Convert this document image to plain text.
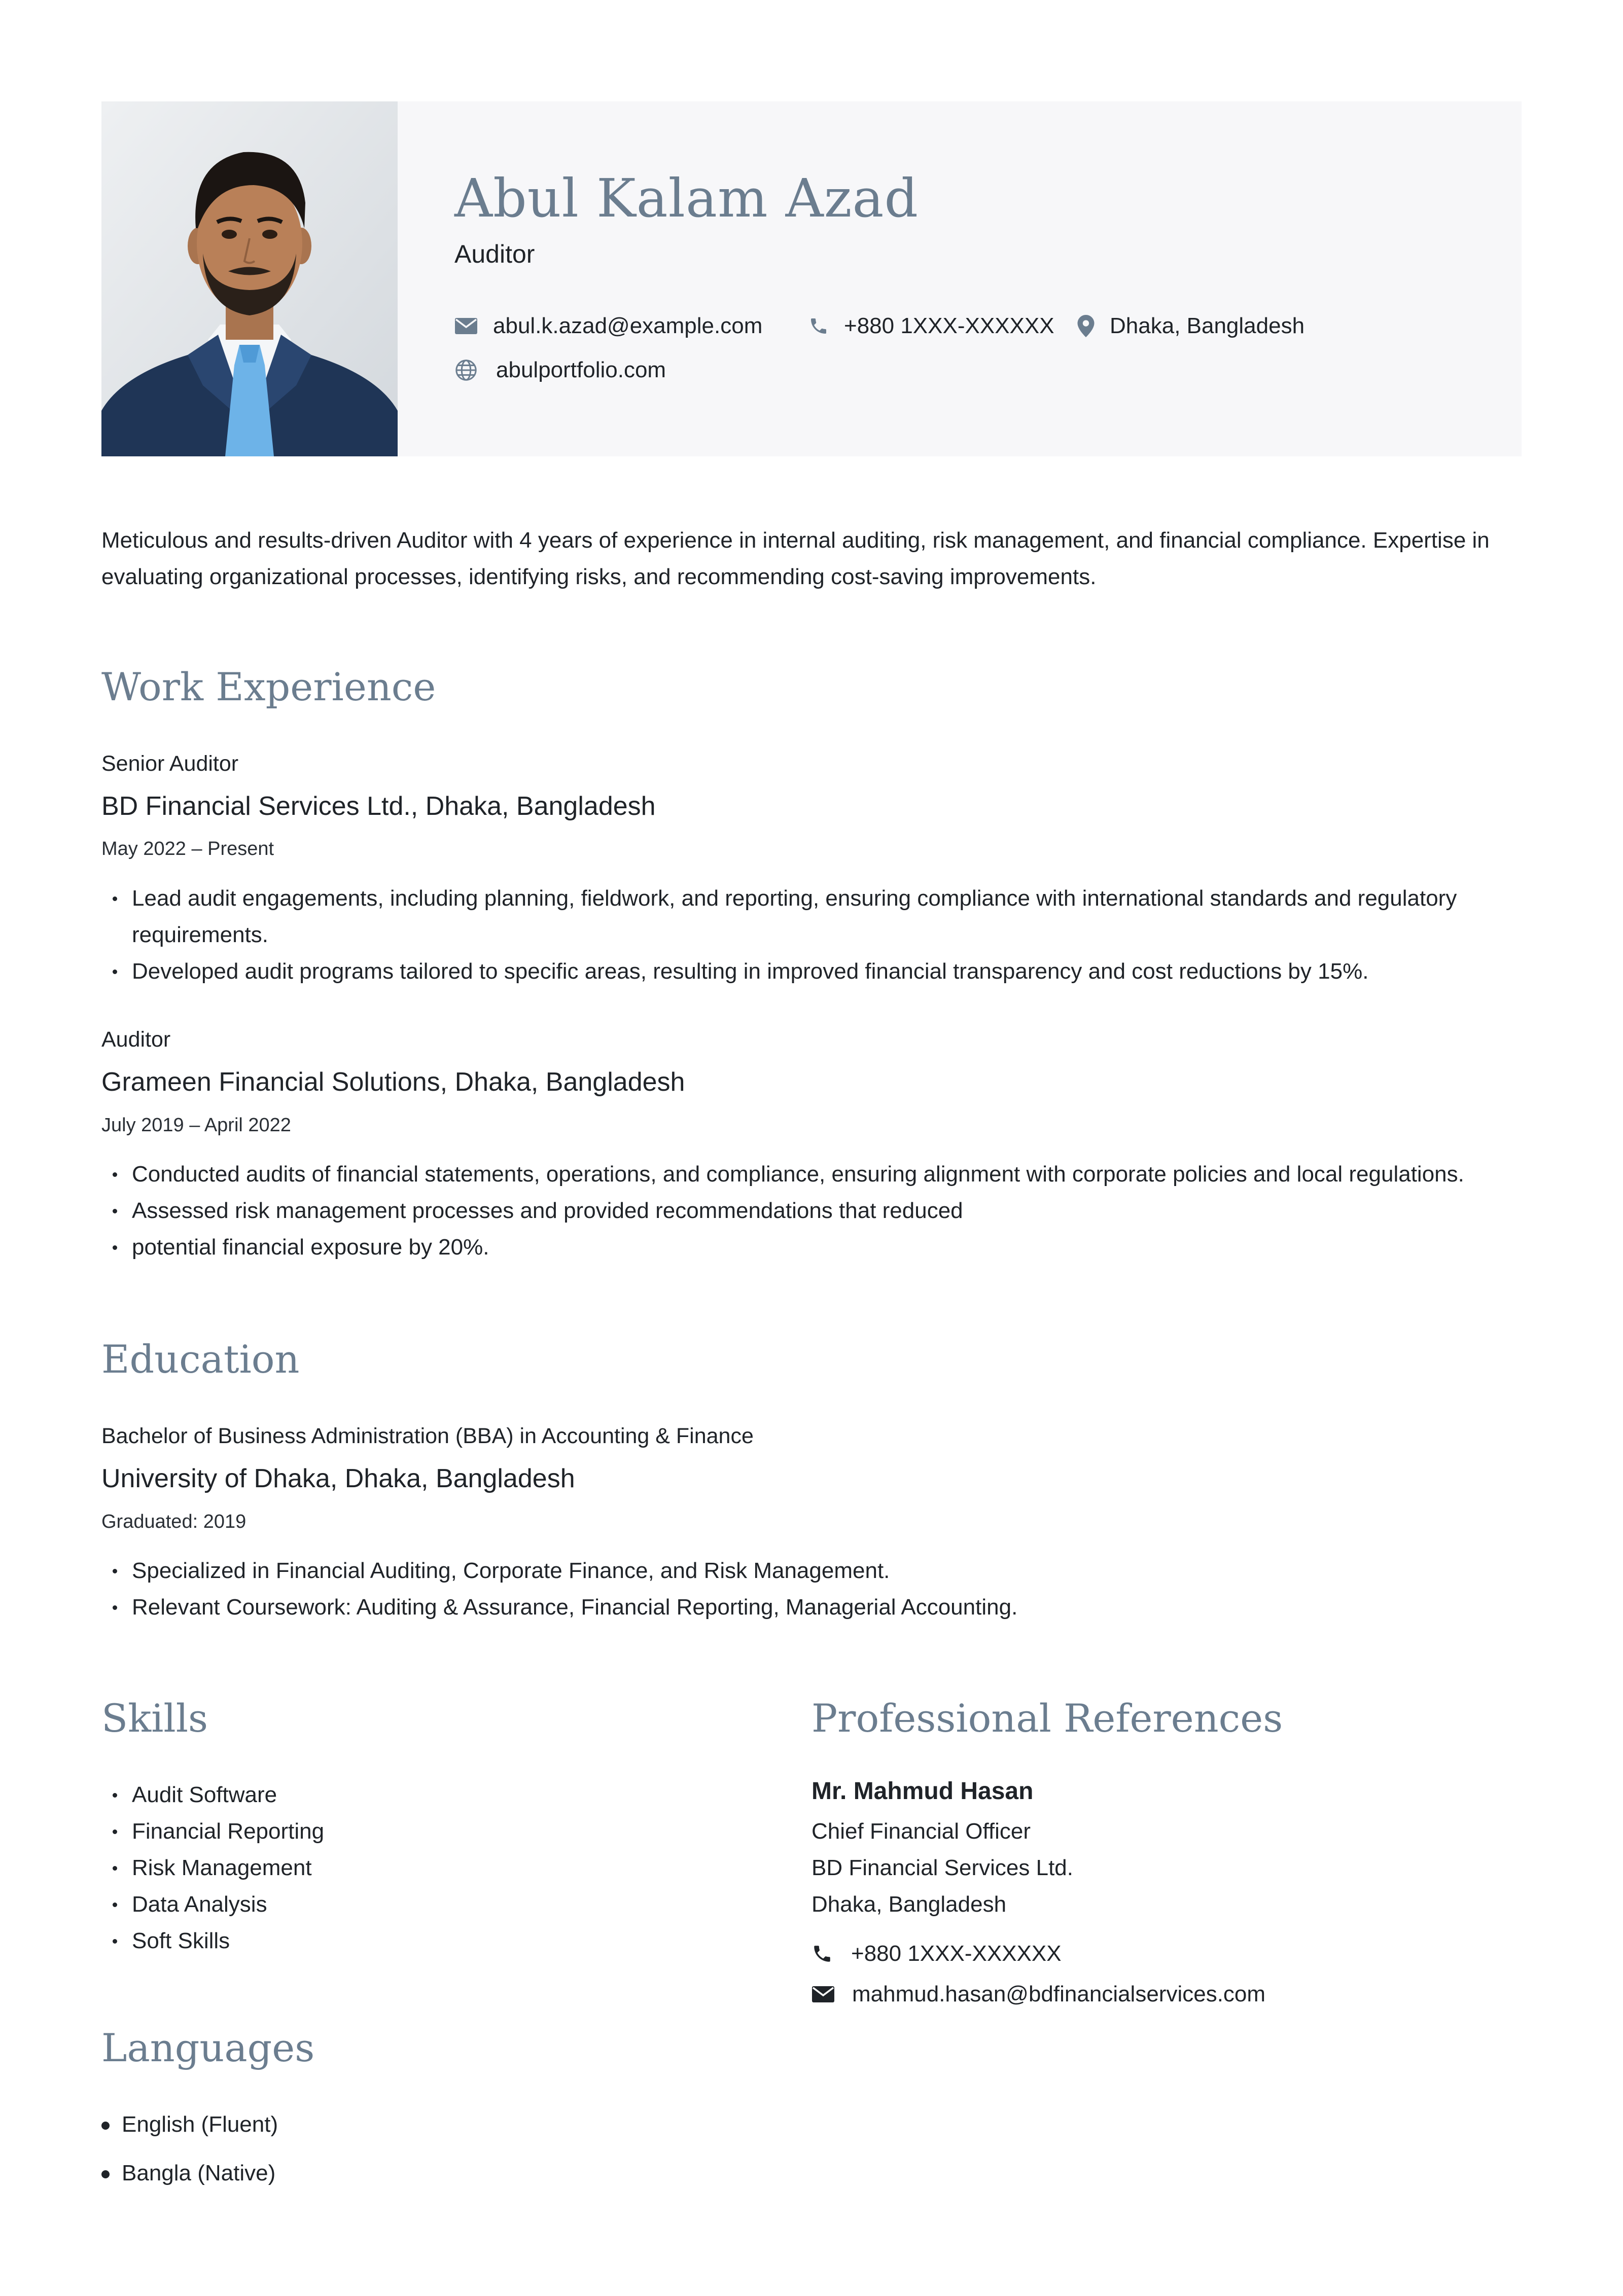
Abul Kalam Azad
Auditor
abul.k.azad@example.com	+880 1XXX-XXXXXX Dhaka, Bangladesh
abulportfolio.com
Meticulous and results-driven Auditor with 4 years of experience in internal auditing, risk management, and financial compliance. Expertise in evaluating organizational processes, identifying risks, and recommending cost-saving improvements.
Work Experience
Senior Auditor
BD Financial Services Ltd., Dhaka, Bangladesh
May 2022 – Present
Lead audit engagements, including planning, fieldwork, and reporting, ensuring compliance with international standards and regulatory requirements.
Developed audit programs tailored to specific areas, resulting in improved financial transparency and cost reductions by 15%.
Auditor
Grameen Financial Solutions, Dhaka, Bangladesh
July 2019 – April 2022
Conducted audits of financial statements, operations, and compliance, ensuring alignment with corporate policies and local regulations.
Assessed risk management processes and provided recommendations that reduced
potential financial exposure by 20%.
Education
Bachelor of Business Administration (BBA) in Accounting & Finance
University of Dhaka, Dhaka, Bangladesh
Graduated: 2019
Specialized in Financial Auditing, Corporate Finance, and Risk Management.
Relevant Coursework: Auditing & Assurance, Financial Reporting, Managerial Accounting.
Skills
Audit Software
Financial Reporting
Risk Management
Data Analysis
Soft Skills
Languages
English (Fluent)
Bangla (Native)
Professional References
Mr. Mahmud Hasan
Chief Financial Officer
BD Financial Services Ltd.
Dhaka, Bangladesh
+880 1XXX-XXXXXX
mahmud.hasan@bdfinancialservices.com
